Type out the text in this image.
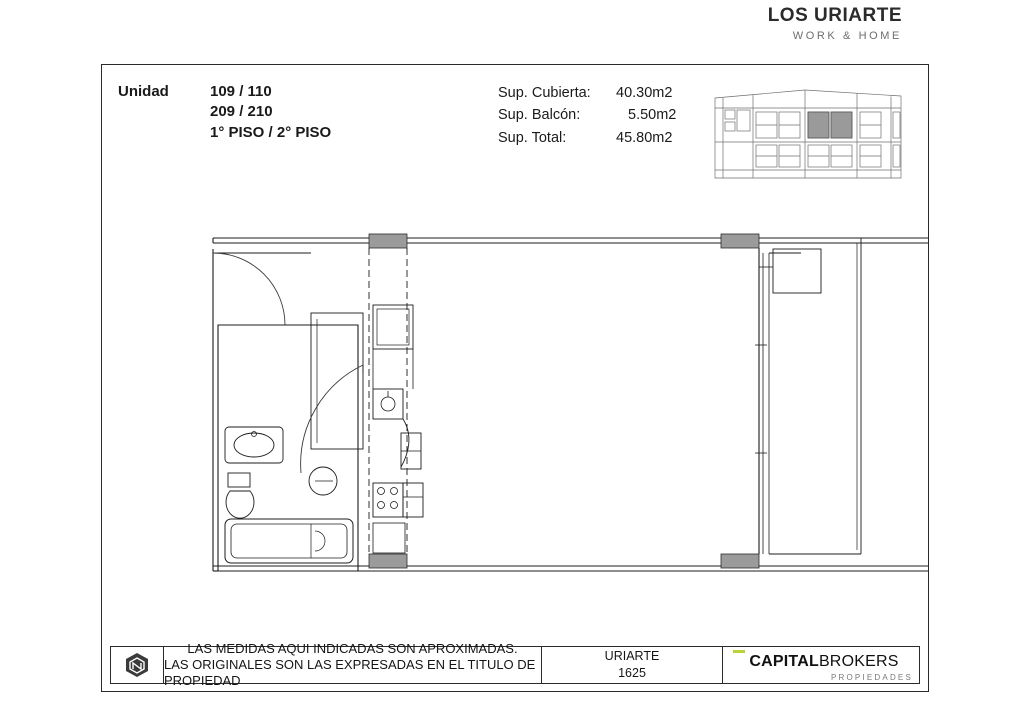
LOS URIARTE
WORK & HOME
Unidad	109 / 110
209 / 210
1° PISO / 2° PISO
Sup. Cubierta:	40.30m2
Sup. Balcón:	5.50m2
Sup. Total:	45.80m2
LAS MEDIDAS AQUI INDICADAS SON APROXIMADAS.
LAS ORIGINALES SON LAS EXPRESADAS EN EL TITULO DE PROPIEDAD
URIARTE
1625
CAPITALBROKERS
PROPIEDADES
